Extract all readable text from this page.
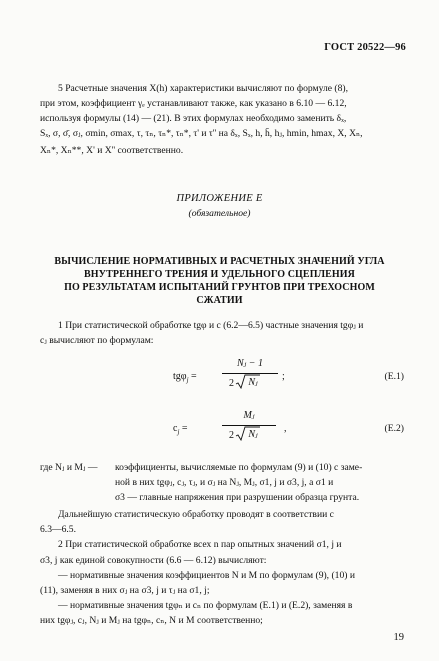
ГОСТ 20522—96
5 Расчетные значения X(h) характеристики вычисляют по формуле (8),
при этом, коэффициент γₑ устанавливают также, как указано в 6.10 — 6.12,
используя формулы (14) — (21). В этих формулах необходимо заменить δₓ,
Sₓ, σ, σ̄, σⱼ, σmin, σmax, τ, τₙ, τₙ*, τₙ*, τ' и τ'' на δₓ, Sₓ, h, h̄, hⱼ, hmin, hmax, X, Xₙ,
Xₙ*, Xₙ**, X' и X'' соответственно.
ПРИЛОЖЕНИЕ Е
(обязательное)
ВЫЧИСЛЕНИЕ НОРМАТИВНЫХ И РАСЧЕТНЫХ ЗНАЧЕНИЙ УГЛА
ВНУТРЕННЕГО ТРЕНИЯ И УДЕЛЬНОГО СЦЕПЛЕНИЯ
ПО РЕЗУЛЬТАТАМ ИСПЫТАНИЙ ГРУНТОВ ПРИ ТРЕХОСНОМ
СЖАТИИ
1 При статистической обработке tgφ и c (6.2—6.5) частные значения tgφⱼ и
cⱼ вычисляют по формулам:
tgφ$_j$ =
Nⱼ − 1
2	Nⱼ
;	(Е.1)
$c_j$ =
Mⱼ
2	Nⱼ
,	(Е.2)
где Nⱼ и Mⱼ — коэффициенты, вычисляемые по формулам (9) и (10) с заме-
ной в них tgφⱼ, cⱼ, τⱼ, и σⱼ на Nⱼ, Mⱼ, σ1, j и σ3, j, а σ1 и
σ3 — главные напряжения при разрушении образца грунта.
Дальнейшую статистическую обработку проводят в соответствии с
6.3—6.5.
2 При статистической обработке всех n пар опытных значений σ1, j и
σ3, j как единой совокупности (6.6 — 6.12) вычисляют:
— нормативные значения коэффициентов N и M по формулам (9), (10) и
(11), заменяя в них σⱼ на σ3, j и τⱼ на σ1, j;
— нормативные значения tgφₙ и cₙ по формулам (Е.1) и (Е.2), заменяя в
них tgφⱼ, cⱼ, Nⱼ и Mⱼ на tgφₙ, cₙ, N и M соответственно;
19
